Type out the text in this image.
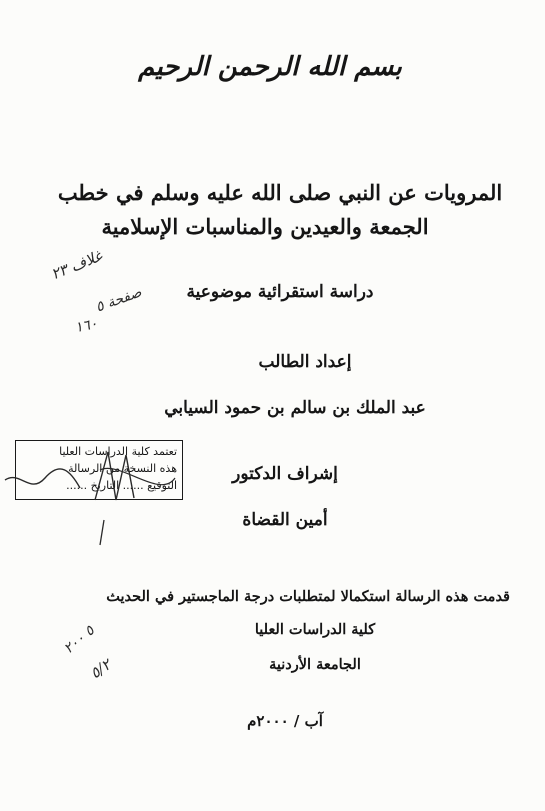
بسم الله الرحمن الرحيم
المرويات عن النبي صلى الله عليه وسلم في خطب
الجمعة والعيدين والمناسبات الإسلامية
دراسة استقرائية موضوعية
إعداد الطالب
عبد الملك بن سالم بن حمود السيابي
إشراف الدكتور
أمين القضاة
قدمت هذه الرسالة استكمالا لمتطلبات درجة الماجستير في الحديث
كلية الدراسات العليا
الجامعة الأردنية
آب / ٢٠٠٠م
تعتمد كلية الدراسات العليا
هذه النسخة من الرسالة
التوقيع ...... التاريخ ......
غلاف ٢٣
صفحة ٥
١٦٠
٥ ٢٠٠
٥/٢
